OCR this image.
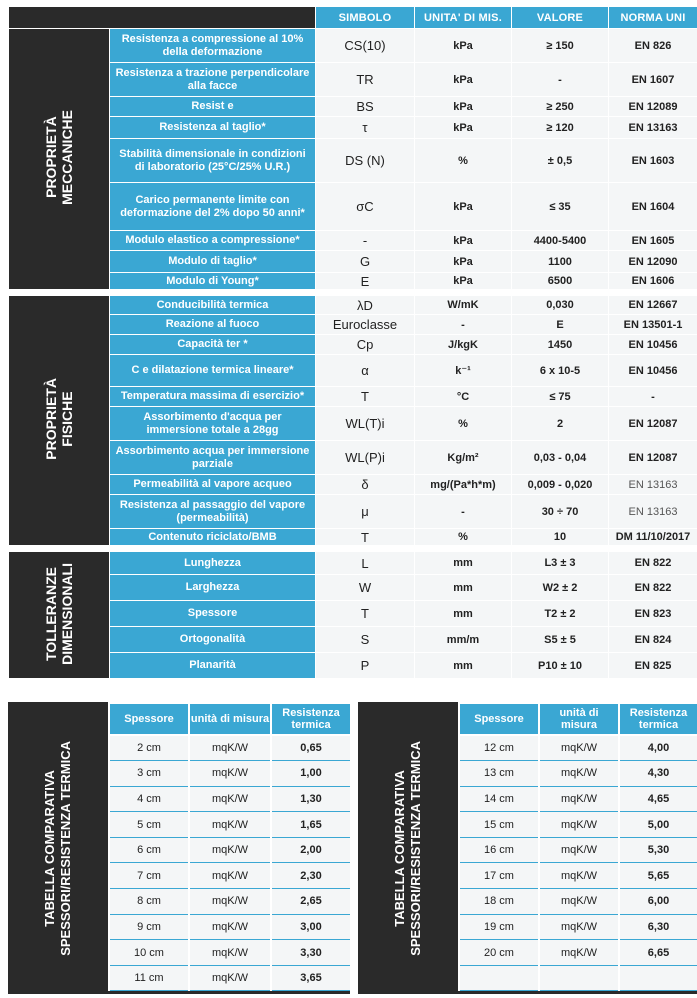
		SIMBOLO	UNITA' DI MIS.	VALORE	NORMA UNI
PROPRIETÀ
MECCANICHE	Resistenza a compressione al 10% della deformazione	CS(10)	kPa	≥ 150	EN 826
	Resistenza a trazione perpendicolare alla facce	TR	kPa	-	EN 1607
	Resist e	BS	kPa	≥ 250	EN 12089
	Resistenza al taglio*	τ	kPa	≥ 120	EN 13163
	Stabilità dimensionale in condizioni di laboratorio (25°C/25% U.R.)	DS (N)	%	± 0,5	EN 1603
	Carico permanente limite con deformazione del 2% dopo 50 anni*	σC	kPa	≤ 35	EN 1604
	Modulo elastico a compressione*	-	kPa	4400-5400	EN 1605
	Modulo di taglio*	G	kPa	1100	EN 12090
	Modulo di Young*	E	kPa	6500	EN 1606
PROPRIETÀ
FISICHE	Conducibilità termica	λD	W/mK	0,030	EN 12667
	Reazione al fuoco	Euroclasse	-	E	EN 13501-1
	Capacità ter *	Cp	J/kgK	1450	EN 10456
	C e dilatazione termica lineare*	α	k⁻¹	6 x 10-5	EN 10456
	Temperatura massima di esercizio*	T	°C	≤ 75	-
	Assorbimento d'acqua per immersione totale a 28gg	WL(T)i	%	2	EN 12087
	Assorbimento acqua per immersione parziale	WL(P)i	Kg/m²	0,03 - 0,04	EN 12087
	Permeabilità al vapore acqueo	δ	mg/(Pa*h*m)	0,009 - 0,020	EN 13163
	Resistenza al passaggio del vapore (permeabilità)	μ	-	30 ÷ 70	EN 13163
	Contenuto riciclato/BMB	T	%	10	DM 11/10/2017
TOLLERANZE
DIMENSIONALI	Lunghezza	L	mm	L3 ± 3	EN 822
	Larghezza	W	mm	W2 ± 2	EN 822
	Spessore	T	mm	T2 ± 2	EN 823
	Ortogonalità	S	mm/m	S5 ± 5	EN 824
	Planarità	P	mm	P10 ± 10	EN 825
TABELLA COMPARATIVA
SPESSORI/RESISTENZA TERMICA
Spessore	unità di misura	Resistenza termica
2 cm	mqK/W	0,65
3 cm	mqK/W	1,00
4 cm	mqK/W	1,30
5 cm	mqK/W	1,65
6 cm	mqK/W	2,00
7 cm	mqK/W	2,30
8 cm	mqK/W	2,65
9 cm	mqK/W	3,00
10 cm	mqK/W	3,30
11 cm	mqK/W	3,65
TABELLA COMPARATIVA
SPESSORI/RESISTENZA TERMICA
Spessore	unità di misura	Resistenza termica
12 cm	mqK/W	4,00
13 cm	mqK/W	4,30
14 cm	mqK/W	4,65
15 cm	mqK/W	5,00
16 cm	mqK/W	5,30
17 cm	mqK/W	5,65
18 cm	mqK/W	6,00
19 cm	mqK/W	6,30
20 cm	mqK/W	6,65
